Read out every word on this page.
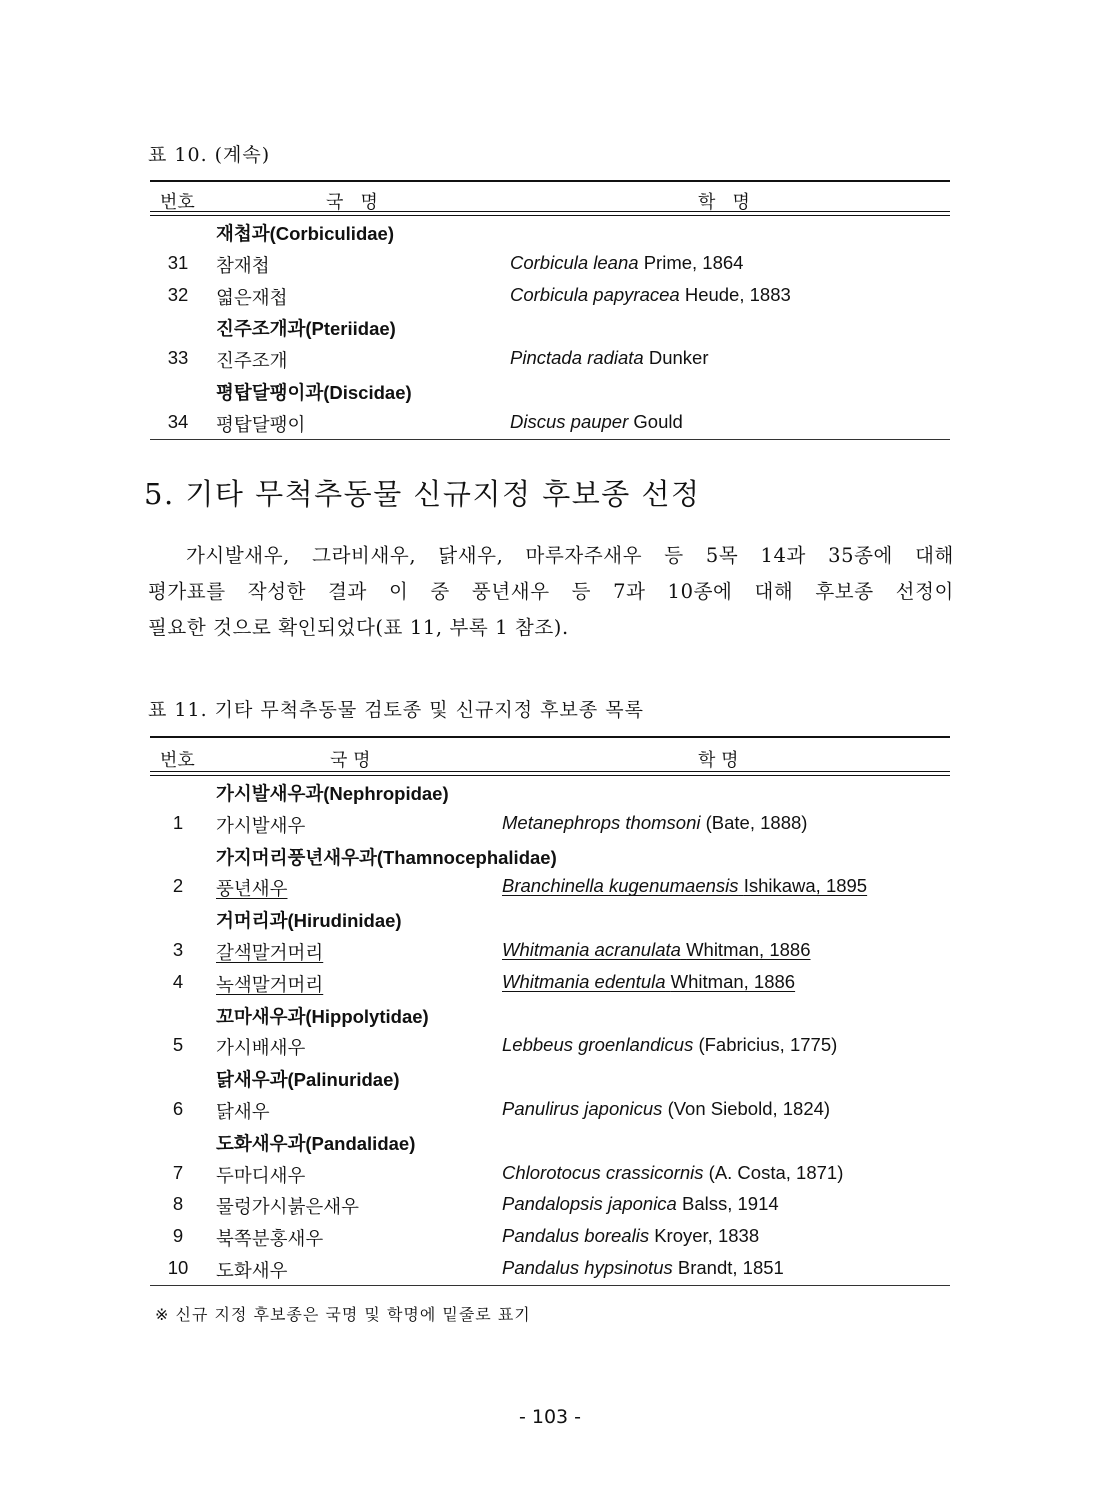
표 10. (계속)
번호	국   명	학   명
재첩과(Corbiculidae)
31	참재첩	Corbicula leana Prime, 1864
32	엷은재첩	Corbicula papyracea Heude, 1883
진주조개과(Pteriidae)
33	진주조개	Pinctada radiata Dunker
평탑달팽이과(Discidae)
34	평탑달팽이	Discus pauper Gould
5. 기타 무척추동물 신규지정 후보종 선정
가시발새우, 그라비새우, 닭새우, 마루자주새우 등 5목 14과 35종에 대해
평가표를 작성한 결과 이 중 풍년새우 등 7과 10종에 대해 후보종 선정이
필요한 것으로 확인되었다(표 11, 부록 1 참조).
표 11. 기타 무척추동물 검토종 및 신규지정 후보종 목록
번호	국 명	학 명
가시발새우과(Nephropidae)
1	가시발새우	Metanephrops thomsoni (Bate, 1888)
가지머리풍년새우과(Thamnocephalidae)
2	풍년새우	Branchinella kugenumaensis Ishikawa, 1895
거머리과(Hirudinidae)
3	갈색말거머리	Whitmania acranulata Whitman, 1886
4	녹색말거머리	Whitmania edentula Whitman, 1886
꼬마새우과(Hippolytidae)
5	가시배새우	Lebbeus groenlandicus (Fabricius, 1775)
닭새우과(Palinuridae)
6	닭새우	Panulirus japonicus (Von Siebold, 1824)
도화새우과(Pandalidae)
7	두마디새우	Chlorotocus crassicornis (A. Costa, 1871)
8	물렁가시붉은새우	Pandalopsis japonica Balss, 1914
9	북쪽분홍새우	Pandalus borealis Kroyer, 1838
10	도화새우	Pandalus hypsinotus Brandt, 1851
※ 신규 지정 후보종은 국명 및 학명에 밑줄로 표기
- 103 -
